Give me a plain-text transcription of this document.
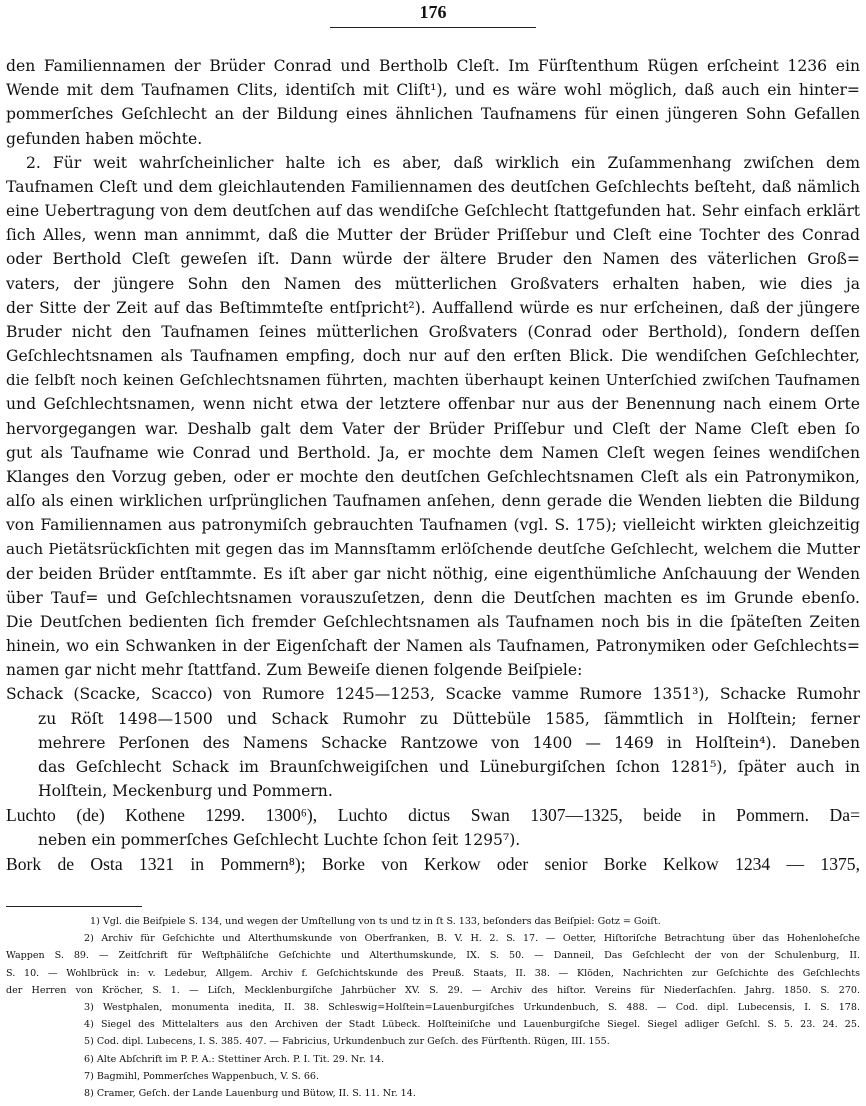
176
den Familiennamen der Brüder Conrad und Bertholb Cleſt. Im Fürſtenthum Rügen erſcheint 1236 ein
Wende mit dem Taufnamen Clits, identiſch mit Cliſt¹), und es wäre wohl möglich, daß auch ein hinter=
pommerſches Geſchlecht an der Bildung eines ähnlichen Taufnamens für einen jüngeren Sohn Gefallen
gefunden haben möchte.
2. Für weit wahrſcheinlicher halte ich es aber, daß wirklich ein Zuſammenhang zwiſchen dem
Taufnamen Cleſt und dem gleichlautenden Familiennamen des deutſchen Geſchlechts beſteht, daß nämlich
eine Uebertragung von dem deutſchen auf das wendiſche Geſchlecht ſtattgefunden hat. Sehr einfach erklärt
ſich Alles, wenn man annimmt, daß die Mutter der Brüder Priſſebur und Cleſt eine Tochter des Conrad
oder Berthold Cleſt geweſen iſt. Dann würde der ältere Bruder den Namen des väterlichen Groß=
vaters, der jüngere Sohn den Namen des mütterlichen Großvaters erhalten haben, wie dies ja
der Sitte der Zeit auf das Beſtimmteſte entſpricht²). Auffallend würde es nur erſcheinen, daß der jüngere
Bruder nicht den Taufnamen ſeines mütterlichen Großvaters (Conrad oder Berthold), ſondern deſſen
Geſchlechtsnamen als Taufnamen empfing, doch nur auf den erſten Blick. Die wendiſchen Geſchlechter,
die ſelbſt noch keinen Geſchlechtsnamen führten, machten überhaupt keinen Unterſchied zwiſchen Taufnamen
und Geſchlechtsnamen, wenn nicht etwa der letztere offenbar nur aus der Benennung nach einem Orte
hervorgegangen war. Deshalb galt dem Vater der Brüder Priſſebur und Cleſt der Name Cleſt eben ſo
gut als Taufname wie Conrad und Berthold. Ja, er mochte dem Namen Cleſt wegen ſeines wendiſchen
Klanges den Vorzug geben, oder er mochte den deutſchen Geſchlechtsnamen Cleſt als ein Patronymikon,
alſo als einen wirklichen urſprünglichen Taufnamen anſehen, denn gerade die Wenden liebten die Bildung
von Familiennamen aus patronymiſch gebrauchten Taufnamen (vgl. S. 175); vielleicht wirkten gleichzeitig
auch Pietätsrückſichten mit gegen das im Mannsſtamm erlöſchende deutſche Geſchlecht, welchem die Mutter
der beiden Brüder entſtammte. Es iſt aber gar nicht nöthig, eine eigenthümliche Anſchauung der Wenden
über Tauf= und Geſchlechtsnamen vorauszuſetzen, denn die Deutſchen machten es im Grunde ebenſo.
Die Deutſchen bedienten ſich fremder Geſchlechtsnamen als Taufnamen noch bis in die ſpäteſten Zeiten
hinein, wo ein Schwanken in der Eigenſchaft der Namen als Taufnamen, Patronymiken oder Geſchlechts=
namen gar nicht mehr ſtattfand. Zum Beweiſe dienen folgende Beiſpiele:
Schack (Scacke, Scacco) von Rumore 1245—1253, Scacke vamme Rumore 1351³), Schacke Rumohr
zu Röſt 1498—1500 und Schack Rumohr zu Düttebüle 1585, ſämmtlich in Holſtein; ferner
mehrere Perſonen des Namens Schacke Rantzowe von 1400 — 1469 in Holſtein⁴). Daneben
das Geſchlecht Schack im Braunſchweigiſchen und Lüneburgiſchen ſchon 1281⁵), ſpäter auch in
Holſtein, Meckenburg und Pommern.
Luchto (de) Kothene 1299. 1300⁶), Luchto dictus Swan 1307—1325, beide in Pommern. Da=
neben ein pommerſches Geſchlecht Luchte ſchon ſeit 1295⁷).
Bork de Osta 1321 in Pommern⁸); Borke von Kerkow oder senior Borke Kelkow 1234 — 1375,
1) Vgl. die Beiſpiele S. 134, und wegen der Umſtellung von ts und tz in ſt S. 133, beſonders das Beiſpiel: Gotz = Goiſt.
2) Archiv für Geſchichte und Alterthumskunde von Oberfranken, B. V. H. 2. S. 17. — Oetter, Hiſtoriſche Betrachtung über das Hohenloheſche
Wappen S. 89. — Zeitſchrift für Weſtphäliſche Geſchichte und Alterthumskunde, IX. S. 50. — Danneil, Das Geſchlecht der von der Schulenburg, II.
S. 10. — Wohlbrück in: v. Ledebur, Allgem. Archiv f. Geſchichtskunde des Preuß. Staats, II. 38. — Klöden, Nachrichten zur Geſchichte des Geſchlechts
der Herren von Kröcher, S. 1. — Liſch, Mecklenburgiſche Jahrbücher XV. S. 29. — Archiv des hiſtor. Vereins für Niederſachſen. Jahrg. 1850. S. 270.
3) Westphalen, monumenta inedita, II. 38. Schleswig=Holſtein=Lauenburgiſches Urkundenbuch, S. 488. — Cod. dipl. Lubecensis, I. S. 178.
4) Siegel des Mittelalters aus den Archiven der Stadt Lübeck. Holſteiniſche und Lauenburgiſche Siegel. Siegel adliger Geſchl. S. 5. 23. 24. 25.
5) Cod. dipl. Lubecens, I. S. 385. 407. — Fabricius, Urkundenbuch zur Geſch. des Fürſtenth. Rügen, III. 155.
6) Alte Abſchrift im P. P. A.: Stettiner Arch. P. I. Tit. 29. Nr. 14.
7) Bagmihl, Pommerſches Wappenbuch, V. S. 66.
8) Cramer, Geſch. der Lande Lauenburg und Bütow, II. S. 11. Nr. 14.
